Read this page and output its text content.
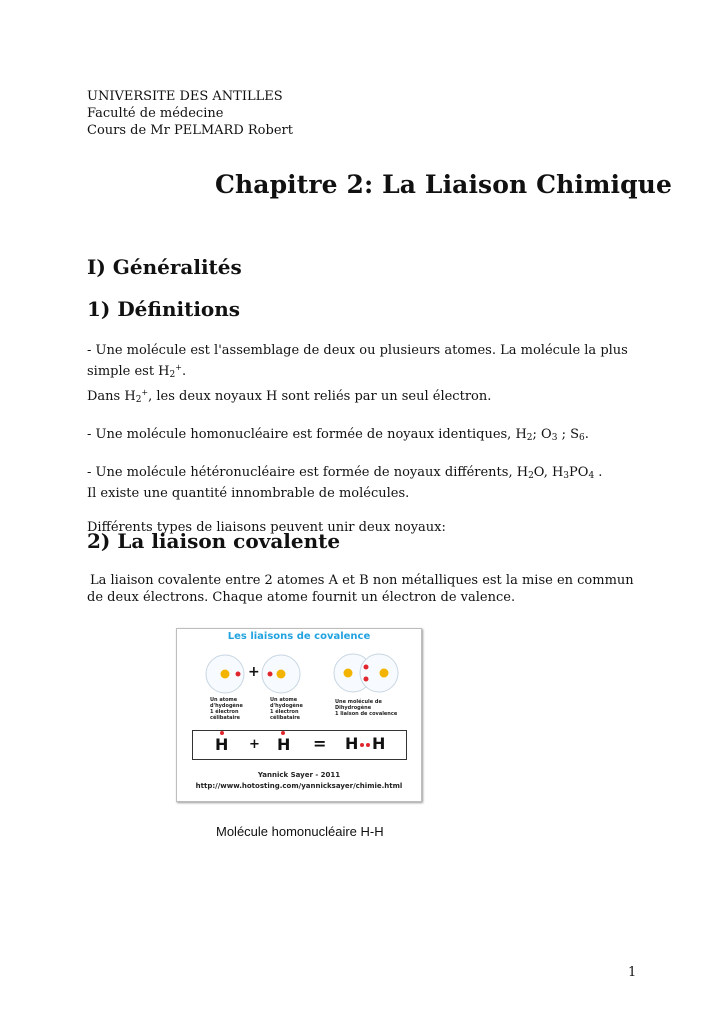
UNIVERSITE DES ANTILLES
Faculté de médecine
Cours de Mr PELMARD Robert
Chapitre 2: La Liaison Chimique
I) Généralités
1) Définitions

- Une molécule est l'assemblage de deux ou plusieurs atomes. La molécule la plus simple est $H_2^+$.

Dans $H_2^+$, les deux noyaux H sont reliés par un seul électron.

- Une molécule homonucléaire est formée de noyaux identiques, $H_2$; $O_3$ ; $S_6$.

- Une molécule hétéronucléaire est formée de noyaux différents, $H_2O$, $H_3PO_4$ .

Il existe une quantité innombrable de molécules.

Différents types de liaisons peuvent unir deux noyaux:

2) La liaison covalente

La liaison covalente entre 2 atomes A et B non métalliques est la mise en commun de deux électrons. Chaque atome fournit un électron de valence.

Les liaisons de covalence
+
Un atome
d'hydogène
1 électron
célibataire
Un atome
d'hydogène
1 électron
célibataire
Une molécule de
Dihydrogène
1 liaison de covalence
H + H = H H
Yannick Sayer - 2011
http://www.hotosting.com/yannicksayer/chimie.html
Molécule homonucléaire H-H
1
